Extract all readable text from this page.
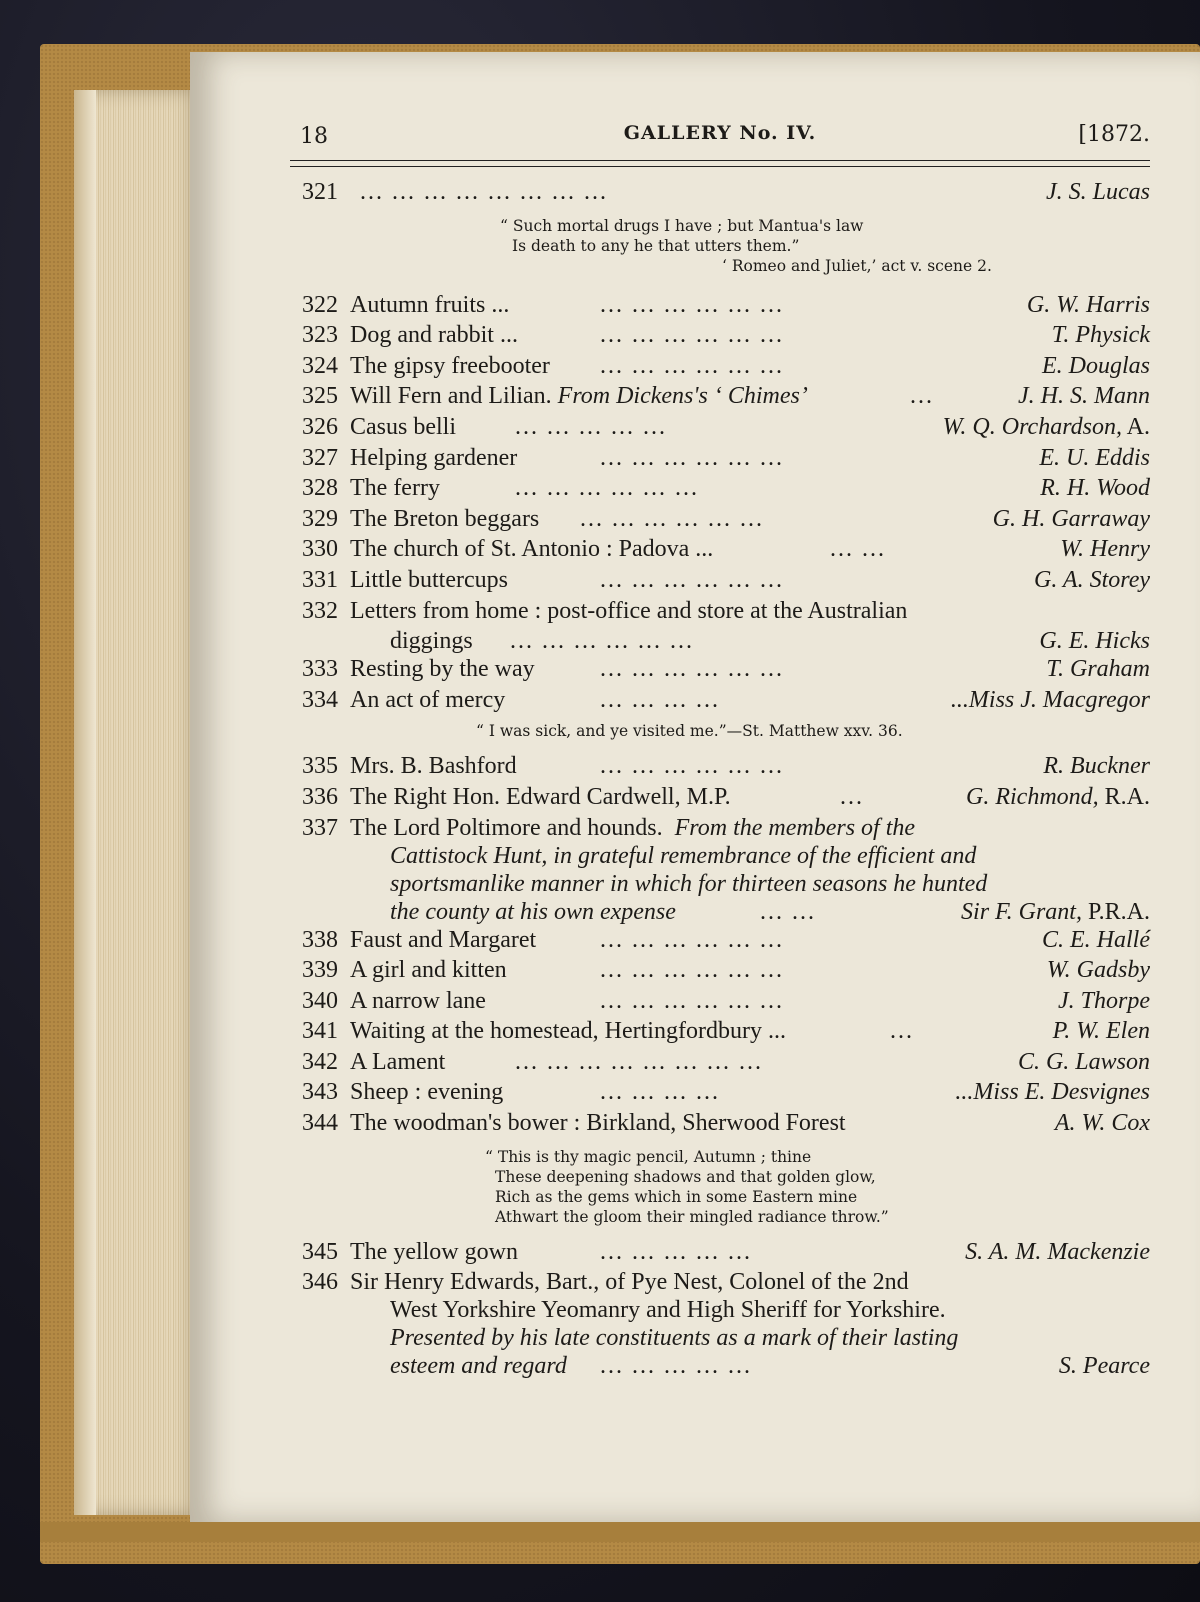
18	GALLERY No. IV.	[1872.
321 ... ... ... ... ... ... ... ...	J. S. Lucas
“ Such mortal drugs I have ; but Mantua's law
Is death to any he that utters them.”
‘ Romeo and Juliet,’ act v. scene 2.
322 Autumn fruits ...	... ... ... ... ... ...	G. W. Harris
323 Dog and rabbit ...	... ... ... ... ... ...	T. Physick
324 The gipsy freebooter ... ... ... ... ... ...	E. Douglas
325 Will Fern and Lilian. From Dickens's ‘ Chimes’	...	J. H. S. Mann
326 Casus belli ... ... ... ... ...	W. Q. Orchardson, A.
327 Helping gardener	... ... ... ... ... ...	E. U. Eddis
328 The ferry	... ... ... ... ... ...	R. H. Wood
329 The Breton beggars ... ... ... ... ... ...	G. H. Garraway
330 The church of St. Antonio : Padova ...	... ...	W. Henry
331 Little buttercups	... ... ... ... ... ...	G. A. Storey
332 Letters from home : post-office and store at the Australian
diggings ... ... ... ... ... ...	G. E. Hicks
333 Resting by the way	... ... ... ... ... ...	T. Graham
334 An act of mercy	... ... ... ...	...Miss J. Macgregor
“ I was sick, and ye visited me.”—St. Matthew xxv. 36.
335 Mrs. B. Bashford	... ... ... ... ... ...	R. Buckner
336 The Right Hon. Edward Cardwell, M.P.	...	G. Richmond, R.A.
337 The Lord Poltimore and hounds. From the members of the
Cattistock Hunt, in grateful remembrance of the efficient and
sportsmanlike manner in which for thirteen seasons he hunted
the county at his own expense	... ...	Sir F. Grant, P.R.A.
338 Faust and Margaret	... ... ... ... ... ...	C. E. Hallé
339 A girl and kitten	... ... ... ... ... ...	W. Gadsby
340 A narrow lane	... ... ... ... ... ...	J. Thorpe
341 Waiting at the homestead, Hertingfordbury ...	...	P. W. Elen
342 A Lament	... ... ... ... ... ... ... ...	C. G. Lawson
343 Sheep : evening	... ... ... ...	...Miss E. Desvignes
344 The woodman's bower : Birkland, Sherwood Forest	A. W. Cox
“ This is thy magic pencil, Autumn ; thine
These deepening shadows and that golden glow,
Rich as the gems which in some Eastern mine
Athwart the gloom their mingled radiance throw.”
345 The yellow gown	... ... ... ... ...	S. A. M. Mackenzie
346 Sir Henry Edwards, Bart., of Pye Nest, Colonel of the 2nd
West Yorkshire Yeomanry and High Sheriff for Yorkshire.
Presented by his late constituents as a mark of their lasting
esteem and regard ... ... ... ... ...	S. Pearce
